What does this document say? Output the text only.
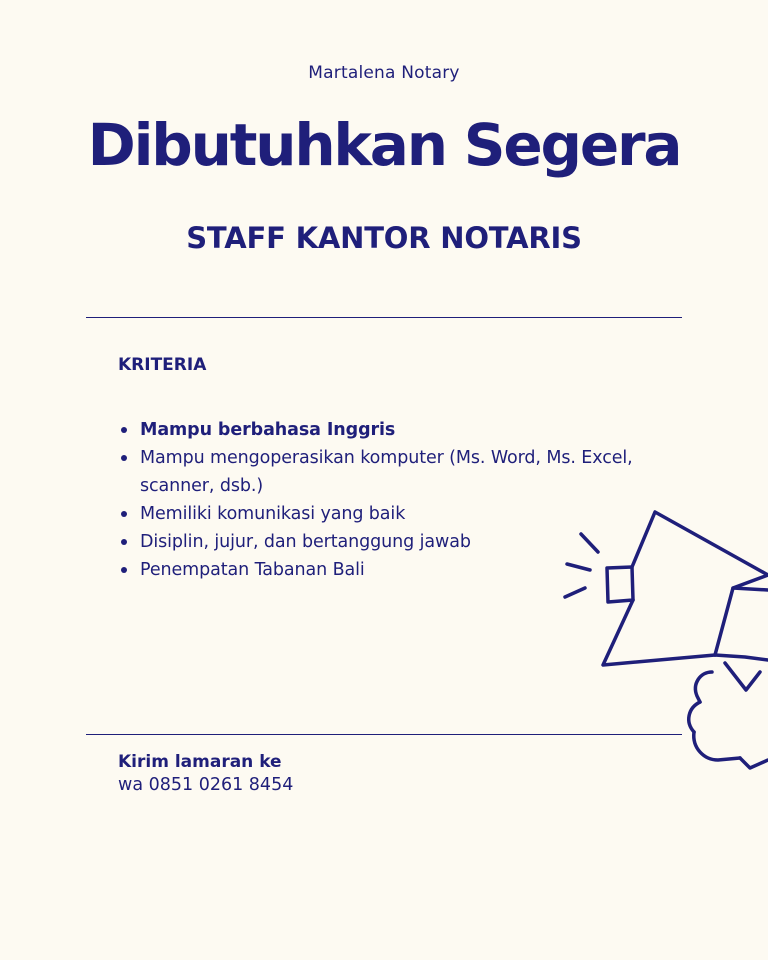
Martalena Notary
Dibutuhkan Segera
STAFF KANTOR NOTARIS
KRITERIA
Mampu berbahasa Inggris
Mampu mengoperasikan komputer (Ms. Word, Ms. Excel, scanner, dsb.)
Memiliki komunikasi yang baik
Disiplin, jujur, dan bertanggung jawab
Penempatan Tabanan Bali
Kirim lamaran ke
wa 0851 0261 8454
